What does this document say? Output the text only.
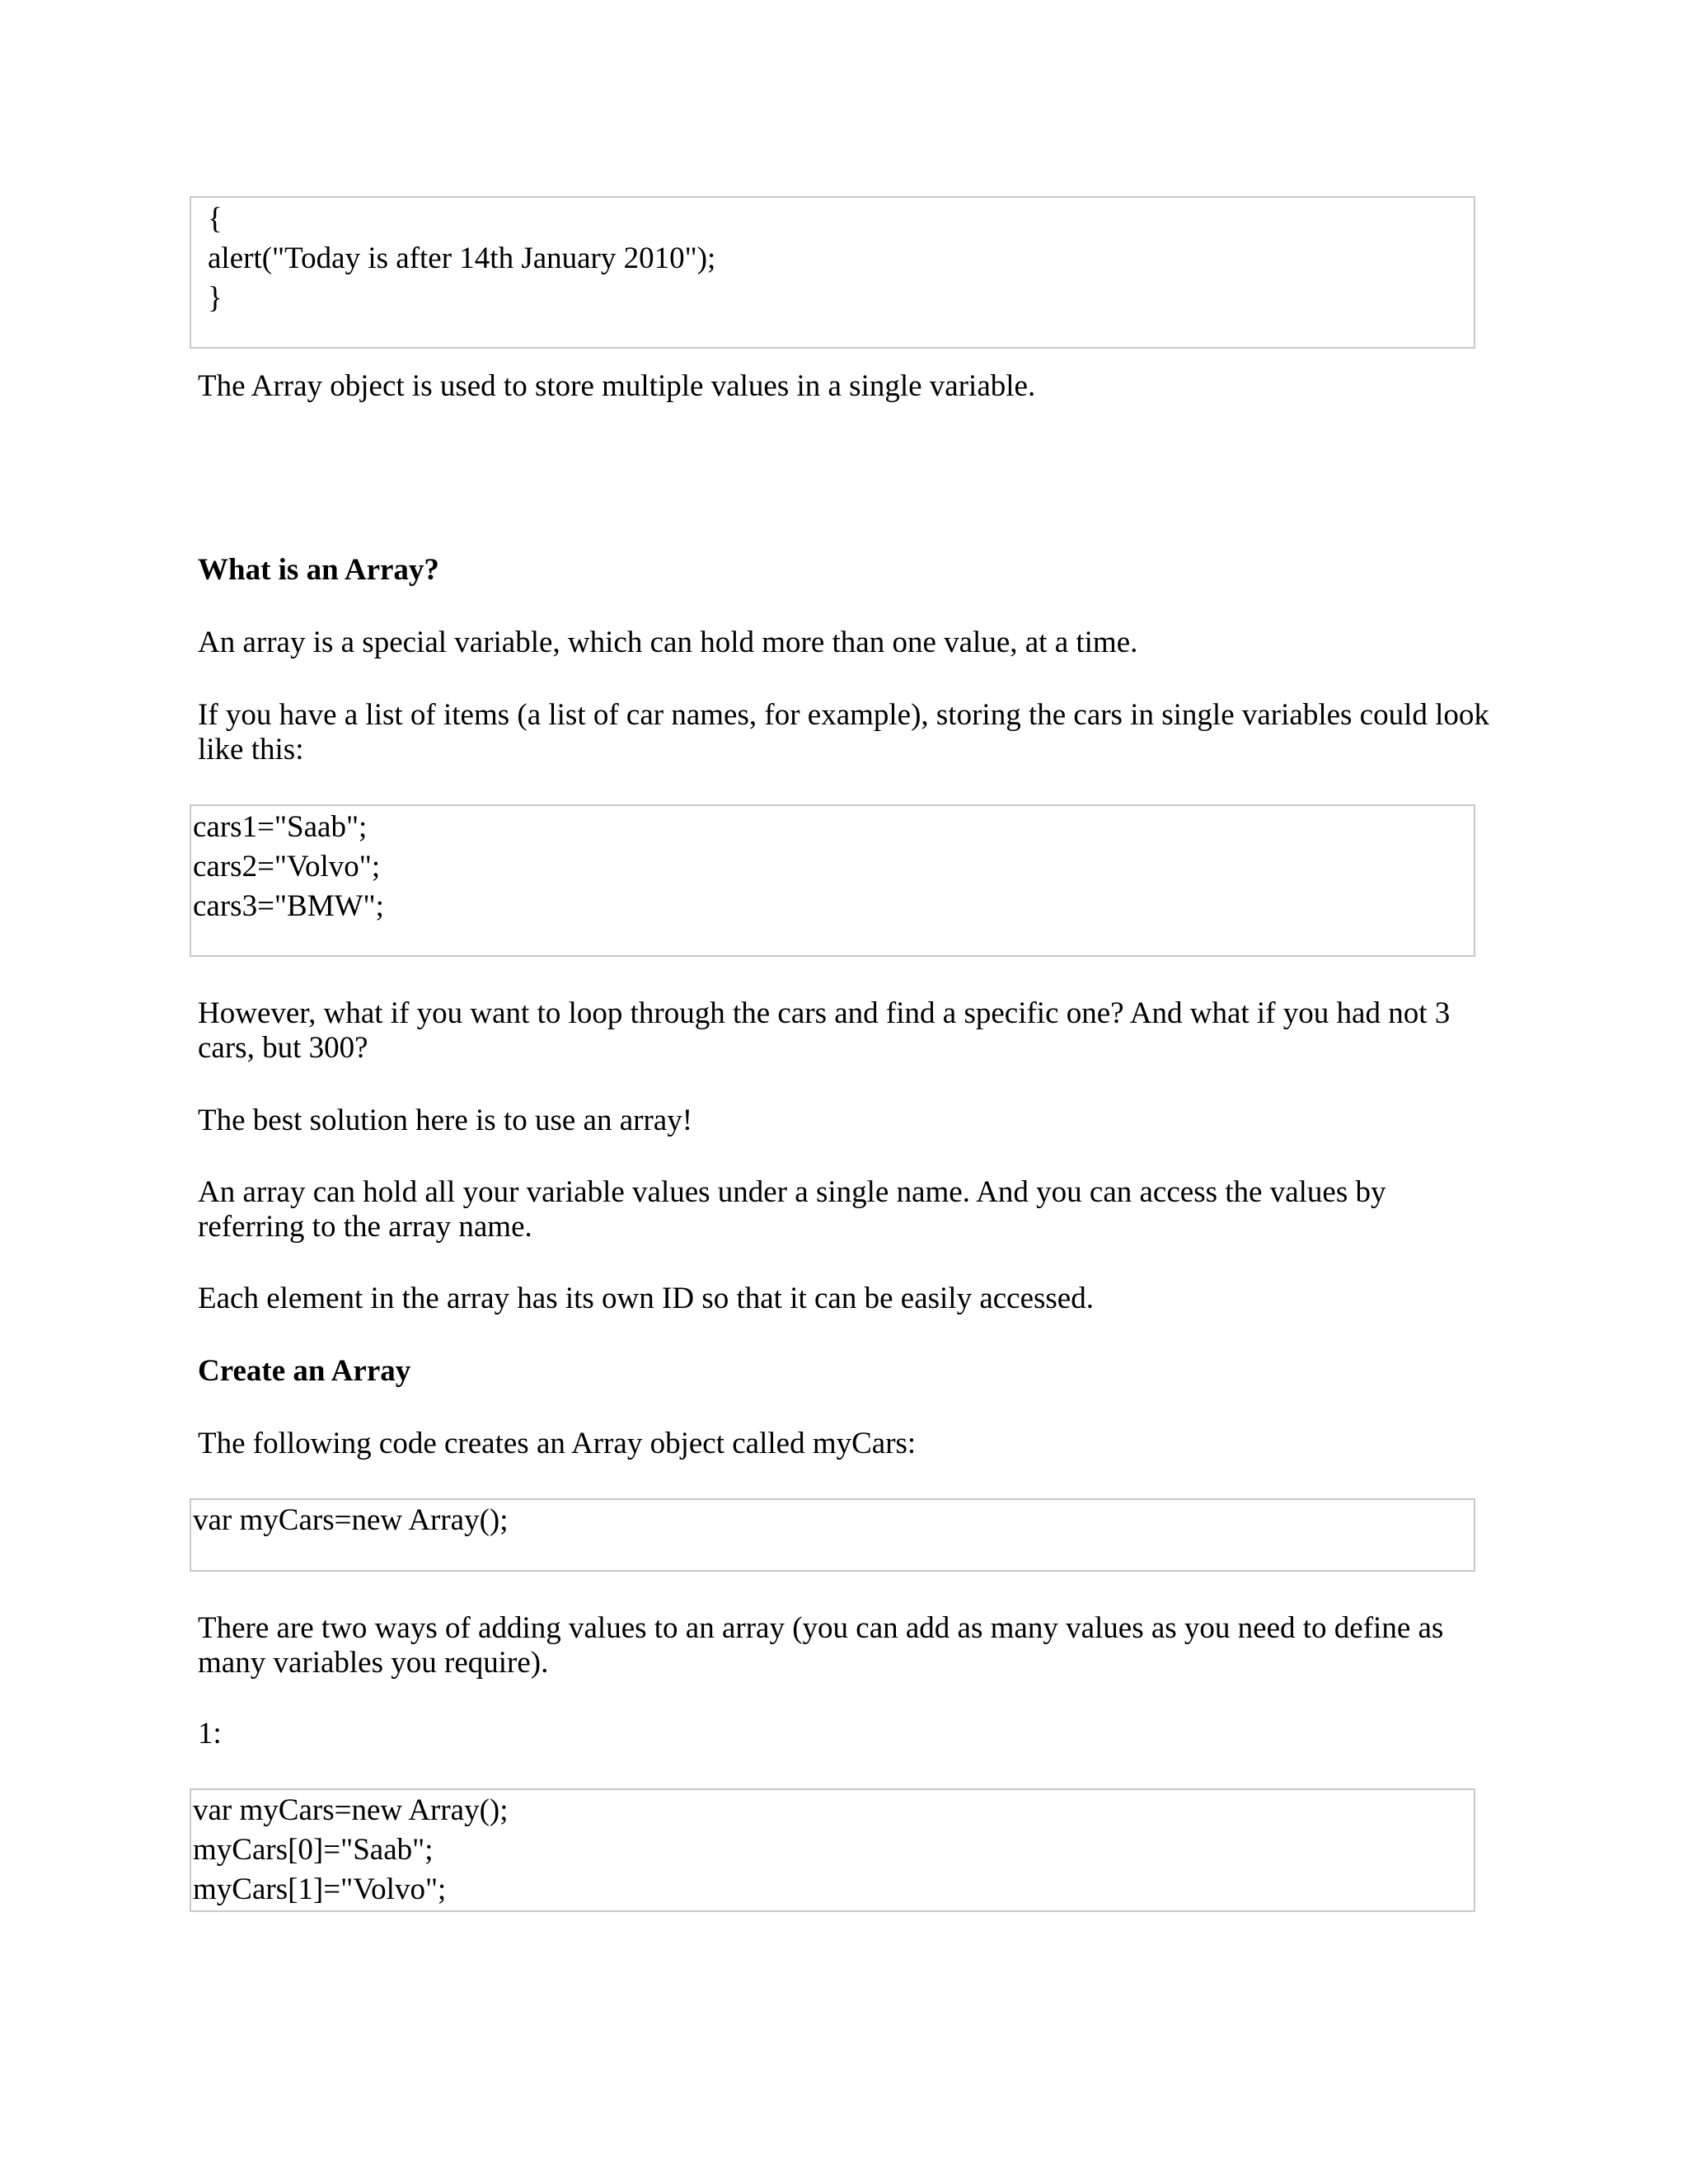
{
alert("Today is after 14th January 2010");
}
The Array object is used to store multiple values in a single variable.
What is an Array?
An array is a special variable, which can hold more than one value, at a time.
If you have a list of items (a list of car names, for example), storing the cars in single variables could look like this:
cars1="Saab";
cars2="Volvo";
cars3="BMW";
However, what if you want to loop through the cars and find a specific one? And what if you had not 3 cars, but 300?
The best solution here is to use an array!
An array can hold all your variable values under a single name. And you can access the values by referring to the array name.
Each element in the array has its own ID so that it can be easily accessed.
Create an Array
The following code creates an Array object called myCars:
var myCars=new Array();
There are two ways of adding values to an array (you can add as many values as you need to define as many variables you require).
1:
var myCars=new Array();
myCars[0]="Saab";
myCars[1]="Volvo";
